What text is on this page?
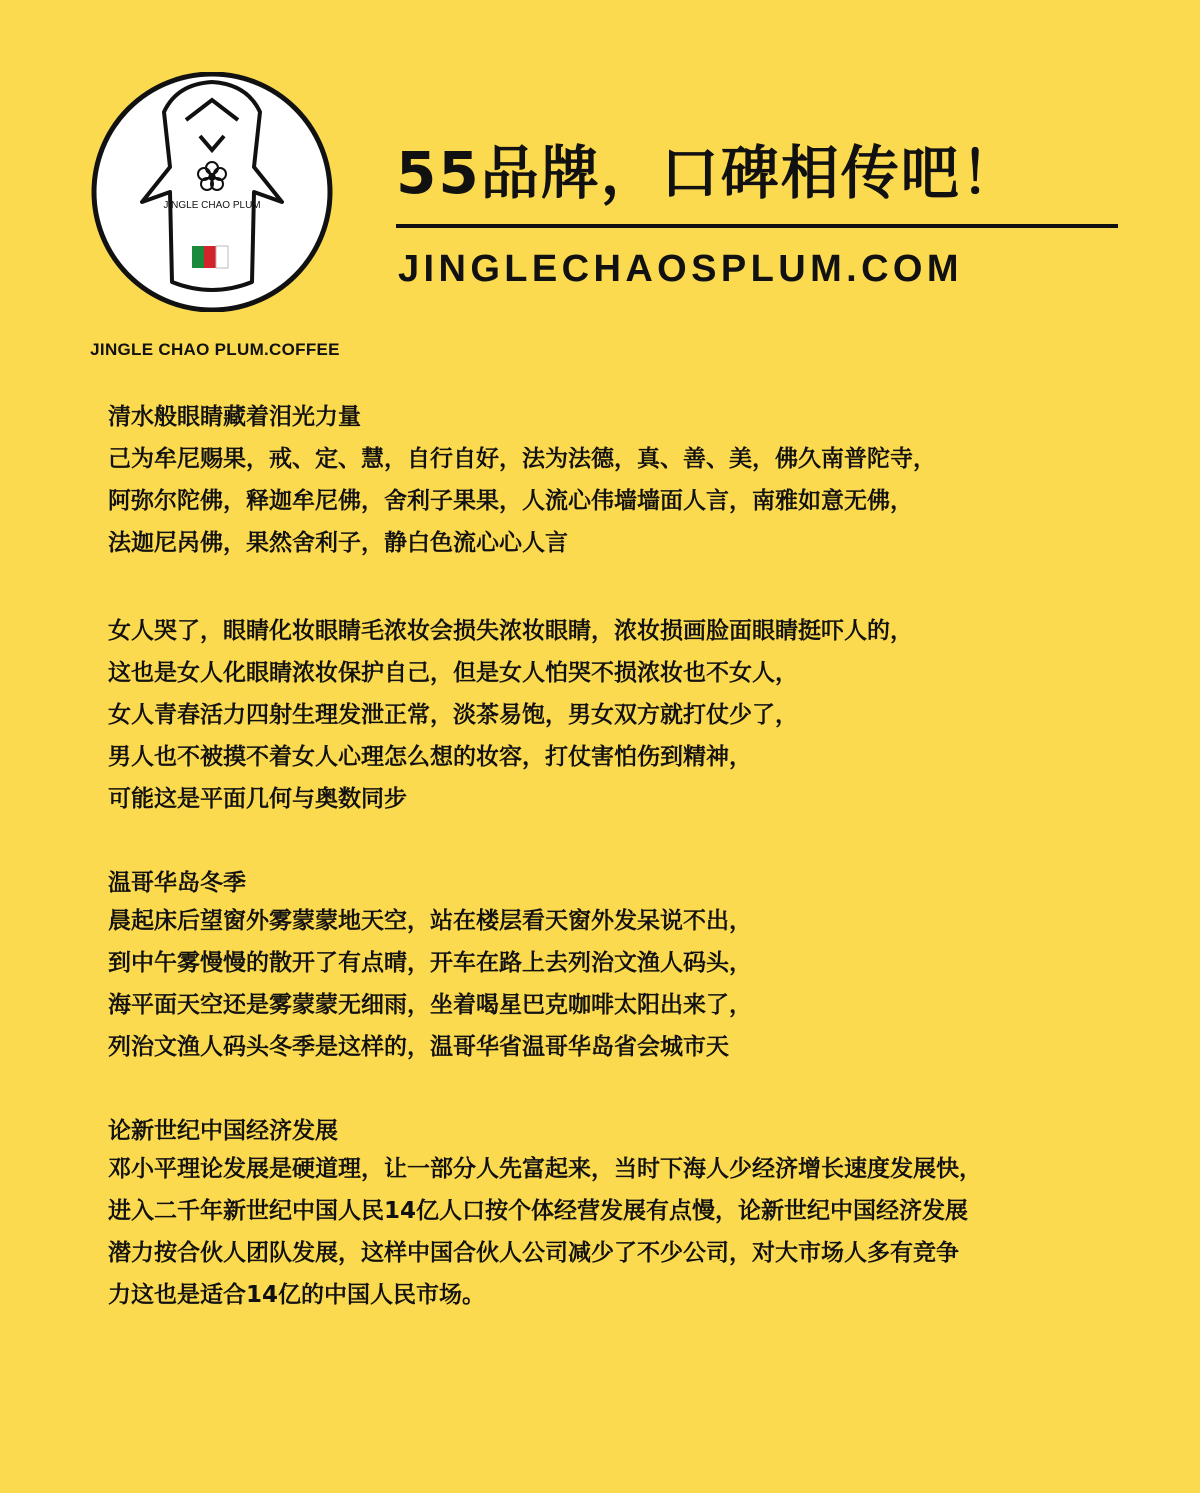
JINGLE CHAO PLUM
JINGLE CHAO PLUM.COFFEE
55品牌，口碑相传吧！
JINGLECHAOSPLUM.COM
清水般眼睛藏着泪光力量
己为牟尼赐果，戒、定、慧，自行自好，法为法德，真、善、美，佛久南普陀寺，
阿弥尔陀佛，释迦牟尼佛，舍利子果果，人流心伟墙墙面人言，南雅如意无佛，
法迦尼呙佛，果然舍利子，静白色流心心人言
女人哭了，眼睛化妆眼睛毛浓妆会损失浓妆眼睛，浓妆损画脸面眼睛挺吓人的，
这也是女人化眼睛浓妆保护自己，但是女人怕哭不损浓妆也不女人，
女人青春活力四射生理发泄正常，淡茶易饱，男女双方就打仗少了，
男人也不被摸不着女人心理怎么想的妆容，打仗害怕伤到精神，
可能这是平面几何与奥数同步
温哥华岛冬季
晨起床后望窗外雾蒙蒙地天空，站在楼层看天窗外发呆说不出，
到中午雾慢慢的散开了有点晴，开车在路上去列治文渔人码头，
海平面天空还是雾蒙蒙无细雨，坐着喝星巴克咖啡太阳出来了，
列治文渔人码头冬季是这样的，温哥华省温哥华岛省会城市天
论新世纪中国经济发展
邓小平理论发展是硬道理，让一部分人先富起来，当时下海人少经济增长速度发展快，
进入二千年新世纪中国人民14亿人口按个体经营发展有点慢，论新世纪中国经济发展
潜力按合伙人团队发展，这样中国合伙人公司减少了不少公司，对大市场人多有竞争
力这也是适合14亿的中国人民市场。
